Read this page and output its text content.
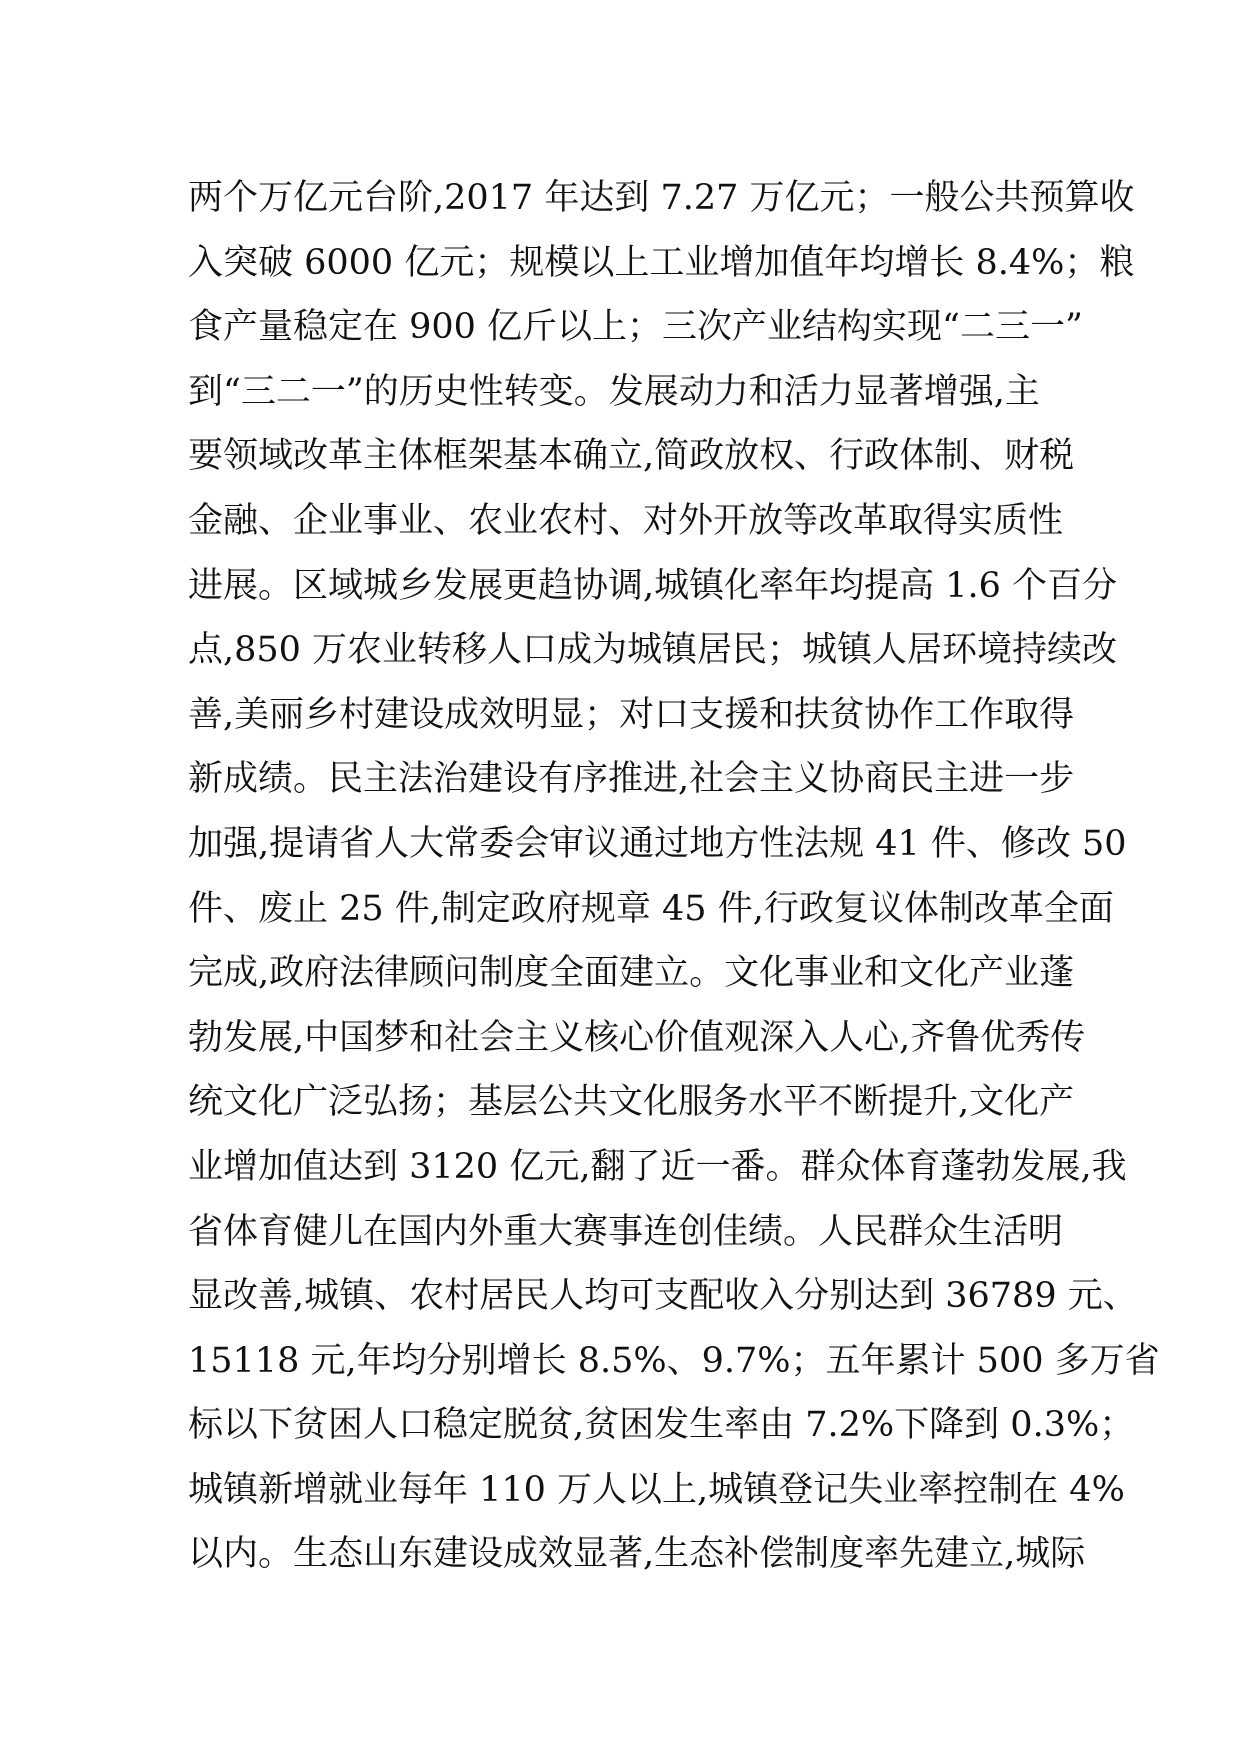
两个万亿元台阶,2017 年达到 7.27 万亿元；一般公共预算收
入突破 6000 亿元；规模以上工业增加值年均增长 8.4%；粮
食产量稳定在 900 亿斤以上；三次产业结构实现“二三一”
到“三二一”的历史性转变。发展动力和活力显著增强,主
要领域改革主体框架基本确立,简政放权、行政体制、财税
金融、企业事业、农业农村、对外开放等改革取得实质性
进展。区域城乡发展更趋协调,城镇化率年均提高 1.6 个百分
点,850 万农业转移人口成为城镇居民；城镇人居环境持续改
善,美丽乡村建设成效明显；对口支援和扶贫协作工作取得
新成绩。民主法治建设有序推进,社会主义协商民主进一步
加强,提请省人大常委会审议通过地方性法规 41 件、修改 50
件、废止 25 件,制定政府规章 45 件,行政复议体制改革全面
完成,政府法律顾问制度全面建立。文化事业和文化产业蓬
勃发展,中国梦和社会主义核心价值观深入人心,齐鲁优秀传
统文化广泛弘扬；基层公共文化服务水平不断提升,文化产
业增加值达到 3120 亿元,翻了近一番。群众体育蓬勃发展,我
省体育健儿在国内外重大赛事连创佳绩。人民群众生活明
显改善,城镇、农村居民人均可支配收入分别达到 36789 元、
15118 元,年均分别增长 8.5%、9.7%；五年累计 500 多万省
标以下贫困人口稳定脱贫,贫困发生率由 7.2%下降到 0.3%；
城镇新增就业每年 110 万人以上,城镇登记失业率控制在 4%
以内。生态山东建设成效显著,生态补偿制度率先建立,城际
